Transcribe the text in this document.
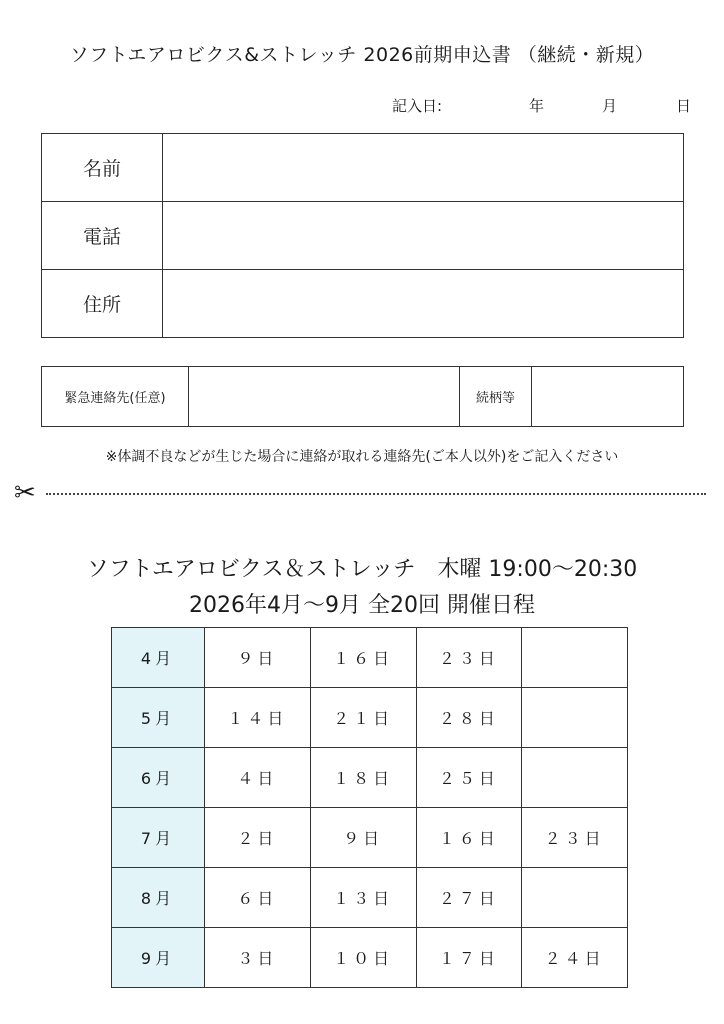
ソフトエアロビクス&ストレッチ 2026前期申込書 （継続・新規）
記入日:	年	月	日
名前	
電話	
住所	
緊急連絡先(任意)		続柄等	
※体調不良などが生じた場合に連絡が取れる連絡先(ご本人以外)をご記入ください
✂
ソフトエアロビクス＆ストレッチ　木曜 19:00～20:30
2026年4月～9月 全20回 開催日程
4月	９日	１６日	２３日	
5月	１４日	２１日	２８日	
6月	４日	１８日	２５日	
7月	２日	９日	１６日	２３日
8月	６日	１３日	２７日	
9月	３日	１０日	１７日	２４日
